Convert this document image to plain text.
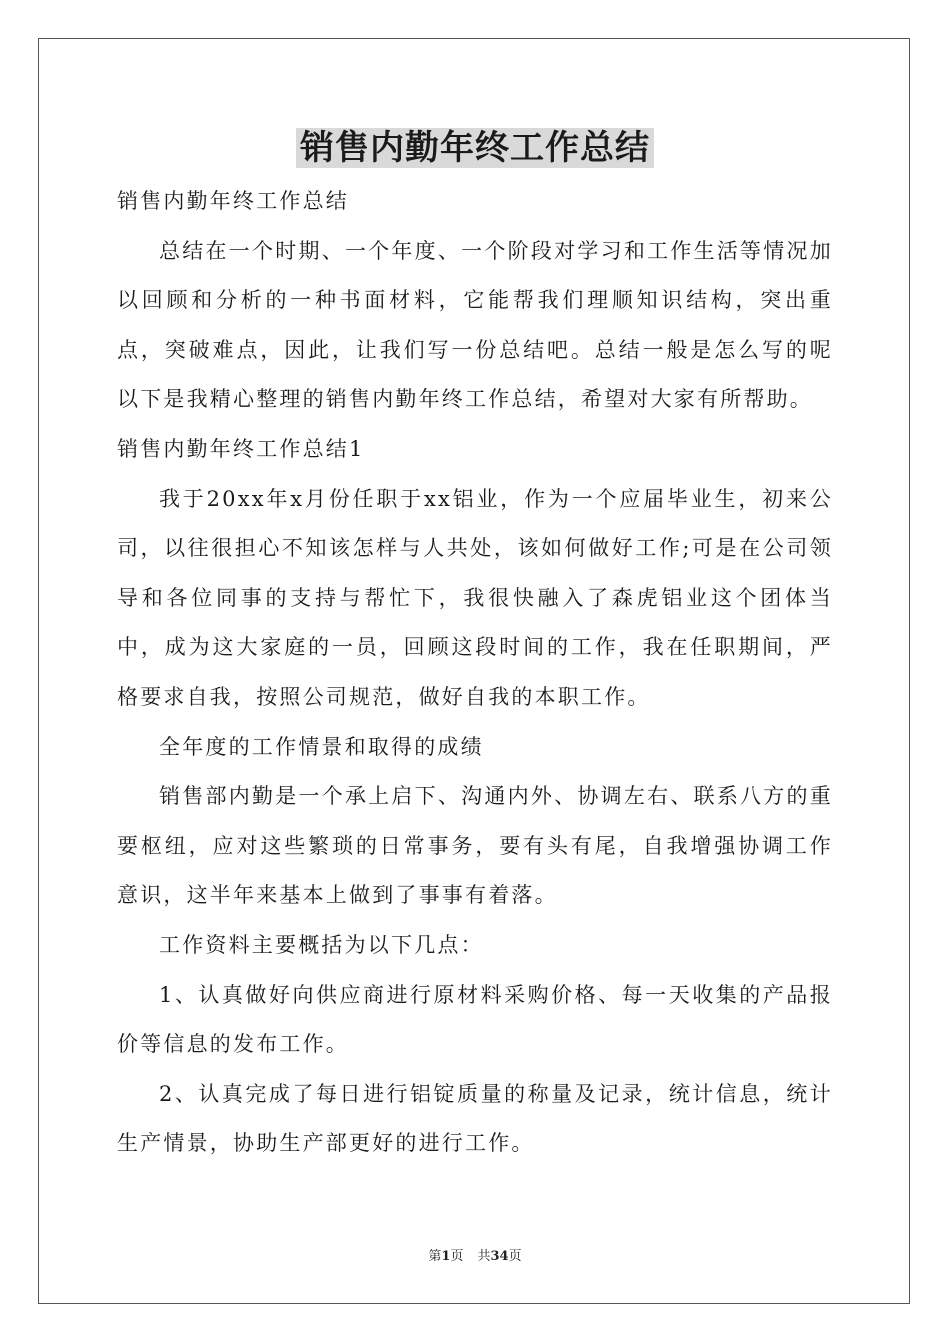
销售内勤年终工作总结

销售内勤年终工作总结

总结在一个时期、一个年度、一个阶段对学习和工作生活等情况加以回顾和分析的一种书面材料，它能帮我们理顺知识结构，突出重点，突破难点，因此，让我们写一份总结吧。总结一般是怎么写的呢以下是我精心整理的销售内勤年终工作总结，希望对大家有所帮助。

销售内勤年终工作总结1

我于20xx年x月份任职于xx铝业，作为一个应届毕业生，初来公司，以往很担心不知该怎样与人共处，该如何做好工作;可是在公司领导和各位同事的支持与帮忙下，我很快融入了森虎铝业这个团体当中，成为这大家庭的一员，回顾这段时间的工作，我在任职期间，严格要求自我，按照公司规范，做好自我的本职工作。

全年度的工作情景和取得的成绩

销售部内勤是一个承上启下、沟通内外、协调左右、联系八方的重要枢纽，应对这些繁琐的日常事务，要有头有尾，自我增强协调工作意识，这半年来基本上做到了事事有着落。

工作资料主要概括为以下几点：

1、认真做好向供应商进行原材料采购价格、每一天收集的产品报价等信息的发布工作。

2、认真完成了每日进行铝锭质量的称量及记录，统计信息，统计生产情景，协助生产部更好的进行工作。

第1页 共34页
